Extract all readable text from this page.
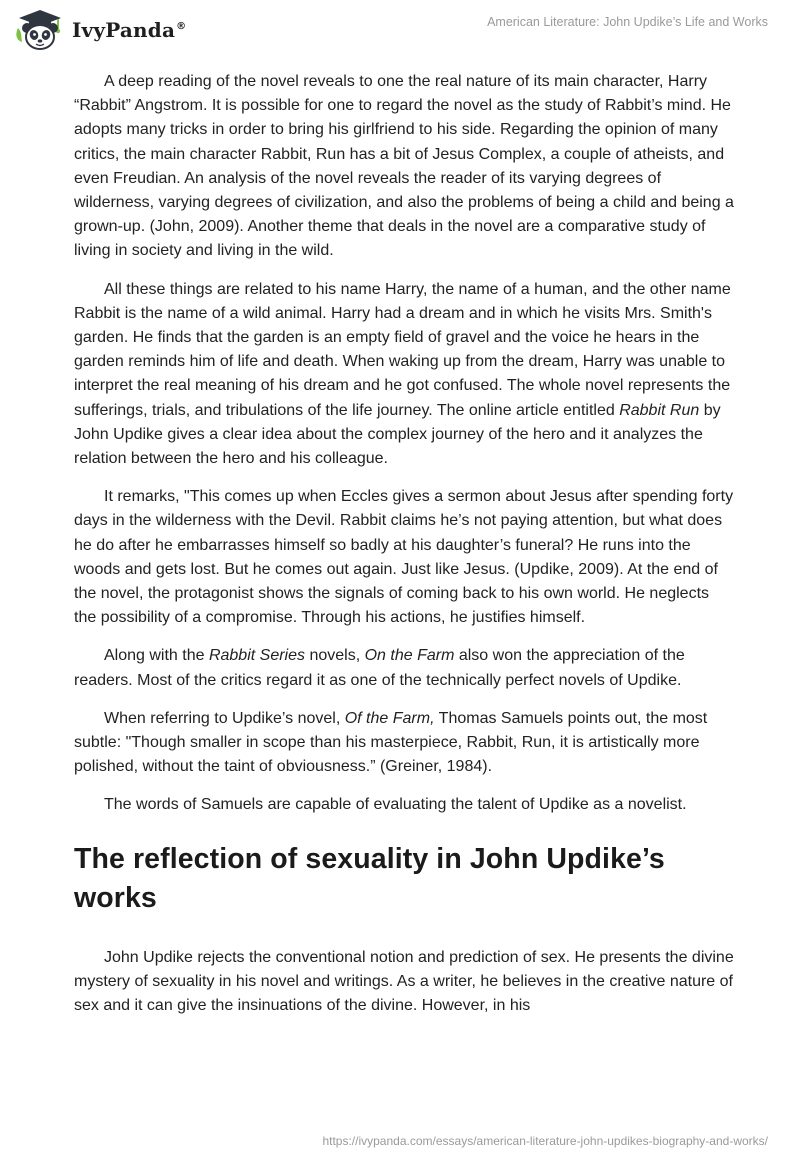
IvyPanda®	American Literature: John Updike’s Life and Works

A deep reading of the novel reveals to one the real nature of its main character, Harry “Rabbit” Angstrom. It is possible for one to regard the novel as the study of Rabbit’s mind. He adopts many tricks in order to bring his girlfriend to his side. Regarding the opinion of many critics, the main character Rabbit, Run has a bit of Jesus Complex, a couple of atheists, and even Freudian. An analysis of the novel reveals the reader of its varying degrees of wilderness, varying degrees of civilization, and also the problems of being a child and being a grown-up. (John, 2009). Another theme that deals in the novel are a comparative study of living in society and living in the wild.

All these things are related to his name Harry, the name of a human, and the other name Rabbit is the name of a wild animal. Harry had a dream and in which he visits Mrs. Smith's garden. He finds that the garden is an empty field of gravel and the voice he hears in the garden reminds him of life and death. When waking up from the dream, Harry was unable to interpret the real meaning of his dream and he got confused. The whole novel represents the sufferings, trials, and tribulations of the life journey. The online article entitled Rabbit Run by John Updike gives a clear idea about the complex journey of the hero and it analyzes the relation between the hero and his colleague.

It remarks, "This comes up when Eccles gives a sermon about Jesus after spending forty days in the wilderness with the Devil. Rabbit claims he’s not paying attention, but what does he do after he embarrasses himself so badly at his daughter’s funeral? He runs into the woods and gets lost. But he comes out again. Just like Jesus. (Updike, 2009). At the end of the novel, the protagonist shows the signals of coming back to his own world. He neglects the possibility of a compromise. Through his actions, he justifies himself.

Along with the Rabbit Series novels, On the Farm also won the appreciation of the readers. Most of the critics regard it as one of the technically perfect novels of Updike.

When referring to Updike’s novel, Of the Farm, Thomas Samuels points out, the most subtle: "Though smaller in scope than his masterpiece, Rabbit, Run, it is artistically more polished, without the taint of obviousness.” (Greiner, 1984).

The words of Samuels are capable of evaluating the talent of Updike as a novelist.

The reflection of sexuality in John Updike’s works

John Updike rejects the conventional notion and prediction of sex. He presents the divine mystery of sexuality in his novel and writings. As a writer, he believes in the creative nature of sex and it can give the insinuations of the divine. However, in his

https://ivypanda.com/essays/american-literature-john-updikes-biography-and-works/
